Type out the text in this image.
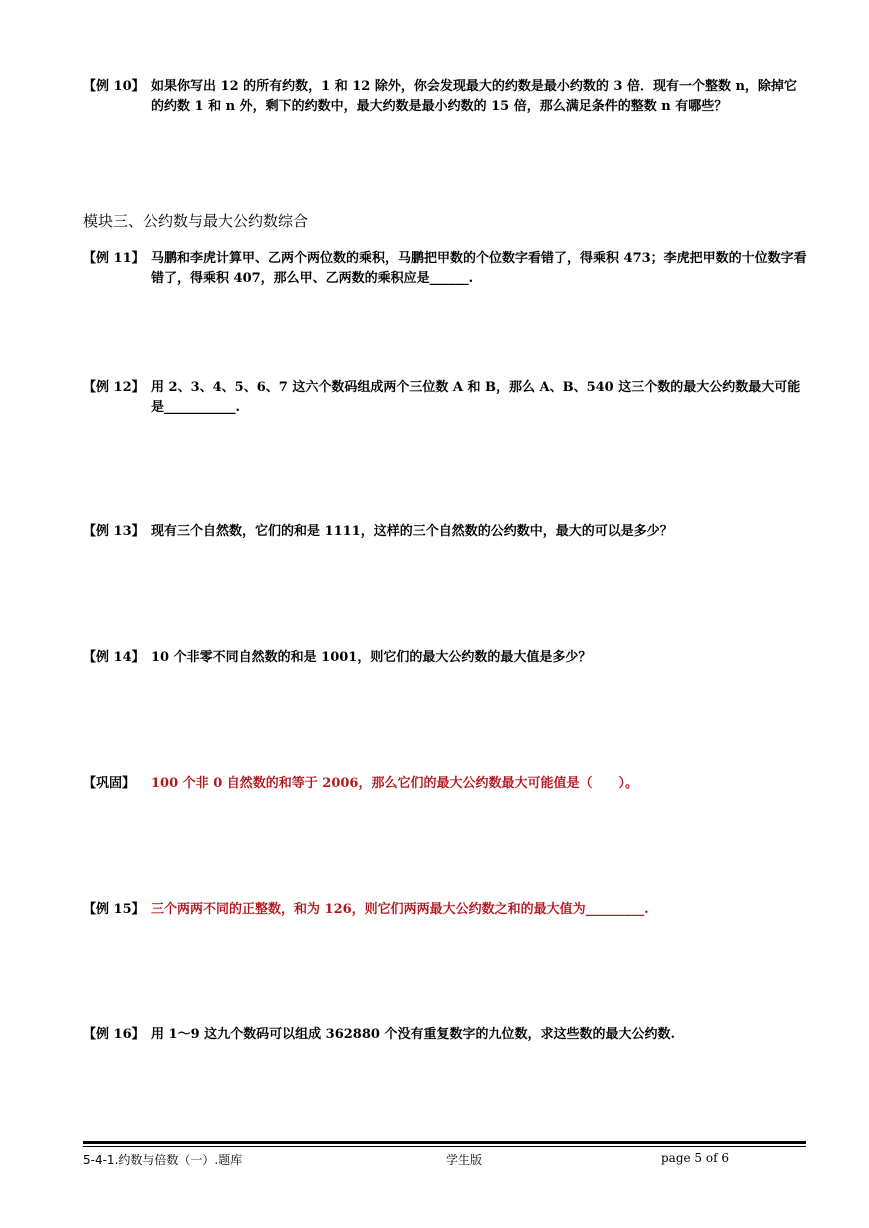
【例 10】 如果你写出 12 的所有约数，1 和 12 除外，你会发现最大的约数是最小约数的 3 倍．现有一个整数 n，除掉它的约数 1 和 n 外，剩下的约数中，最大约数是最小约数的 15 倍，那么满足条件的整数 n 有哪些？
模块三、公约数与最大公约数综合
【例 11】 马鹏和李虎计算甲、乙两个两位数的乘积，马鹏把甲数的个位数字看错了，得乘积 473；李虎把甲数的十位数字看错了，得乘积 407，那么甲、乙两数的乘积应是______.
【例 12】 用 2、3、4、5、6、7 这六个数码组成两个三位数 A 和 B，那么 A、B、540 这三个数的最大公约数最大可能是___________.
【例 13】 现有三个自然数，它们的和是 1111，这样的三个自然数的公约数中，最大的可以是多少？
【例 14】 10 个非零不同自然数的和是 1001，则它们的最大公约数的最大值是多少？
【巩固】	100 个非 0 自然数的和等于 2006，那么它们的最大公约数最大可能值是（　　）。
【例 15】 三个两两不同的正整数，和为 126，则它们两两最大公约数之和的最大值为_________.
【例 16】 用 1～9 这九个数码可以组成 362880 个没有重复数字的九位数，求这些数的最大公约数.
5-4-1.约数与倍数（一）.题库	学生版	page 5 of 6
